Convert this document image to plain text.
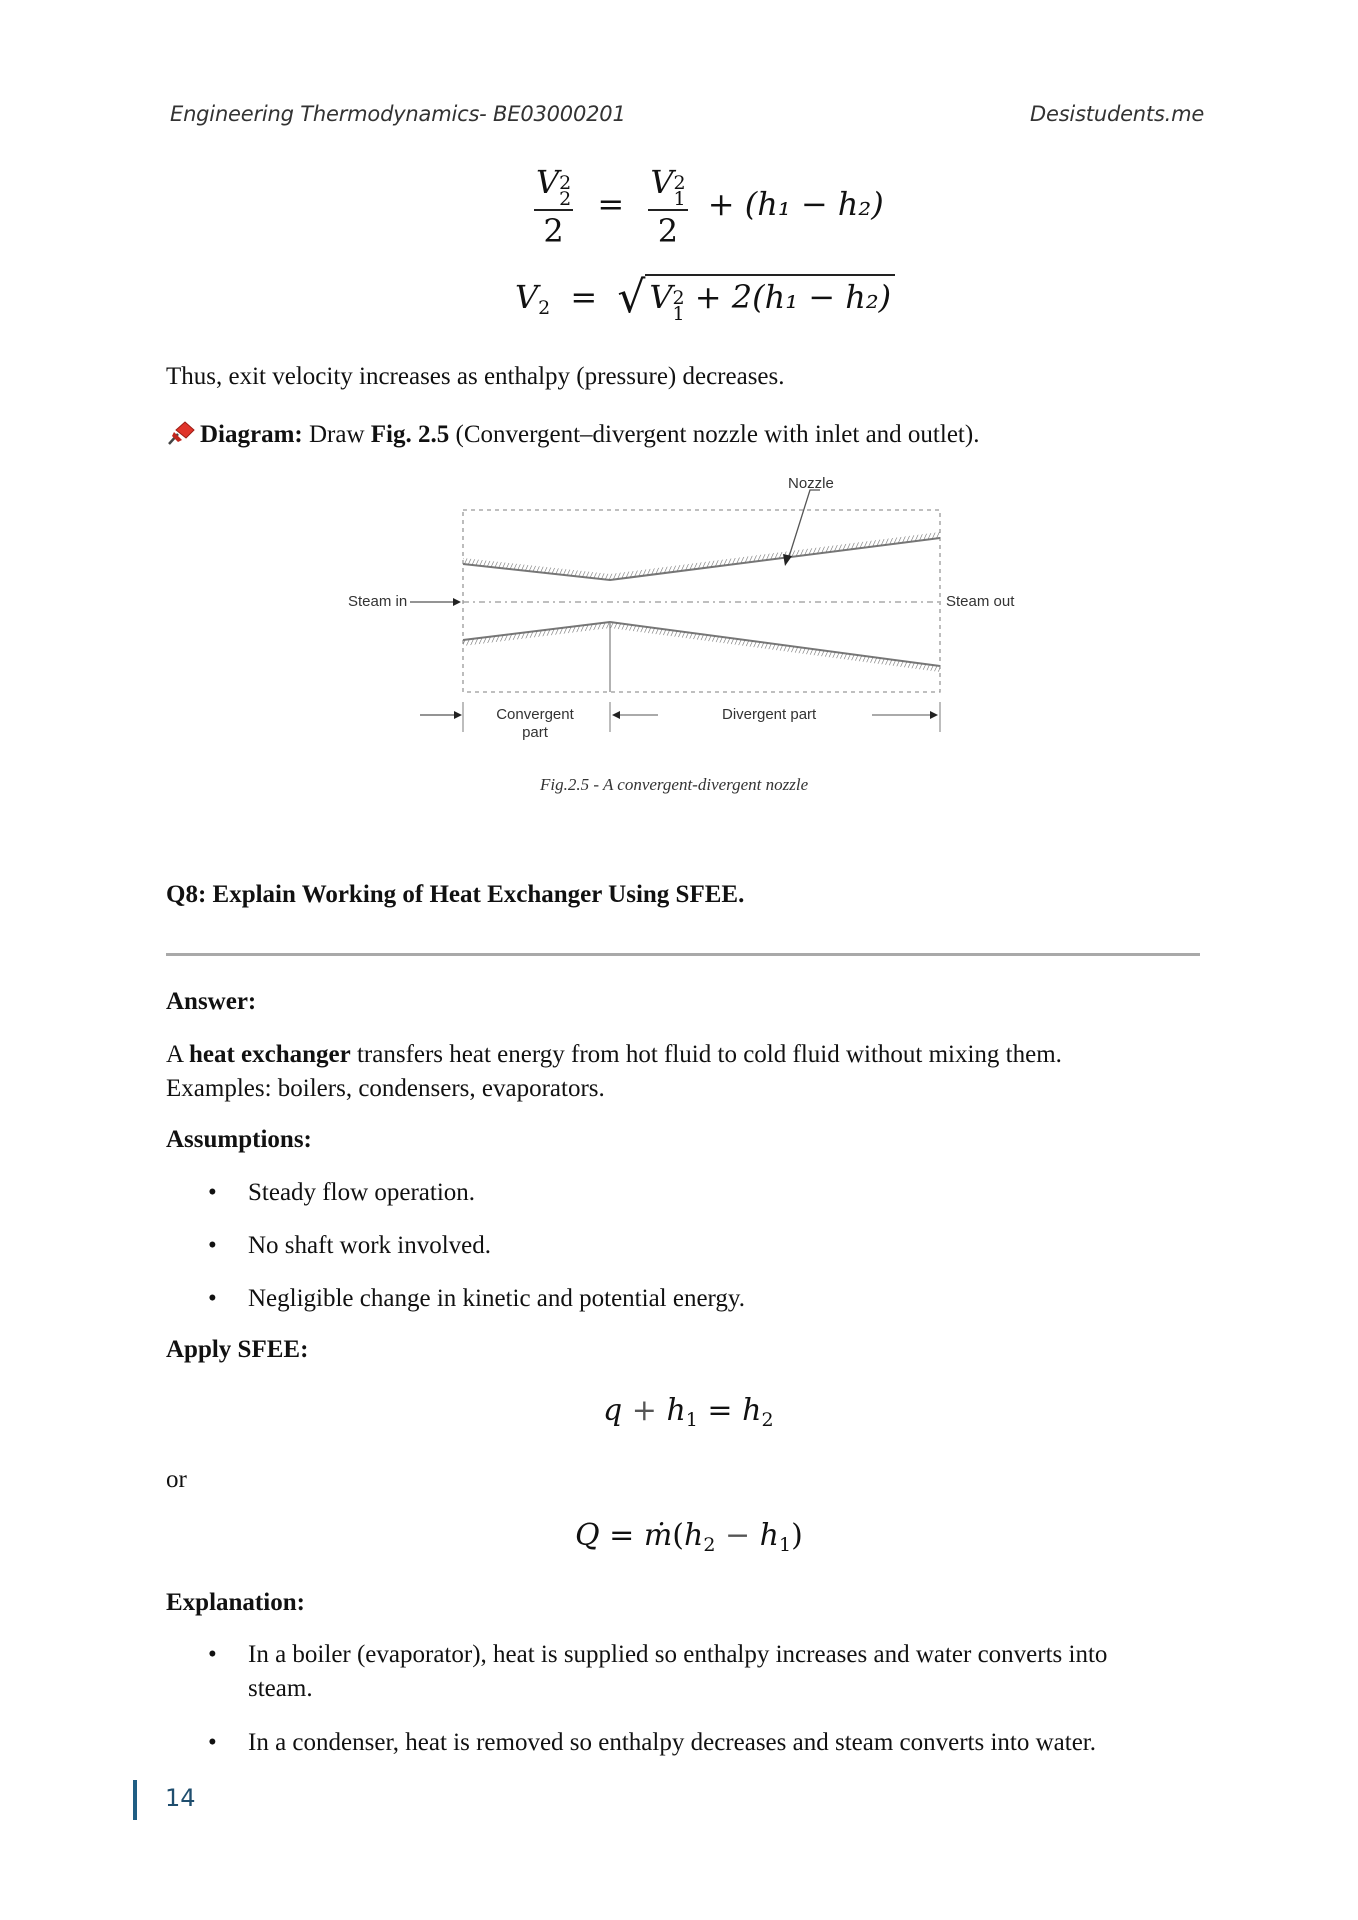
Engineering Thermodynamics- BE03000201	Desistudents.me
V 2
2
2 = V 2
1
2 + (h₁ − h₂)
$V_2$ = √ V 2
1 + 2(h₁ − h₂)
Thus, exit velocity increases as enthalpy (pressure) decreases.
Diagram: Draw Fig. 2.5 (Convergent–divergent nozzle with inlet and outlet).
Nozzle
Steam in	Steam out
Convergent
part
Divergent part
Fig.2.5 - A convergent-divergent nozzle
Q8: Explain Working of Heat Exchanger Using SFEE.
Answer:
A heat exchanger transfers heat energy from hot fluid to cold fluid without mixing them.
Examples: boilers, condensers, evaporators.
Assumptions:
• Steady flow operation.
• No shaft work involved.
• Negligible change in kinetic and potential energy.
Apply SFEE:
$q + h_1 = h_2$
or
$Q = ṁ(h_2 - h_1)$
Explanation:
• In a boiler (evaporator), heat is supplied so enthalpy increases and water converts into
steam.
• In a condenser, heat is removed so enthalpy decreases and steam converts into water.
14
